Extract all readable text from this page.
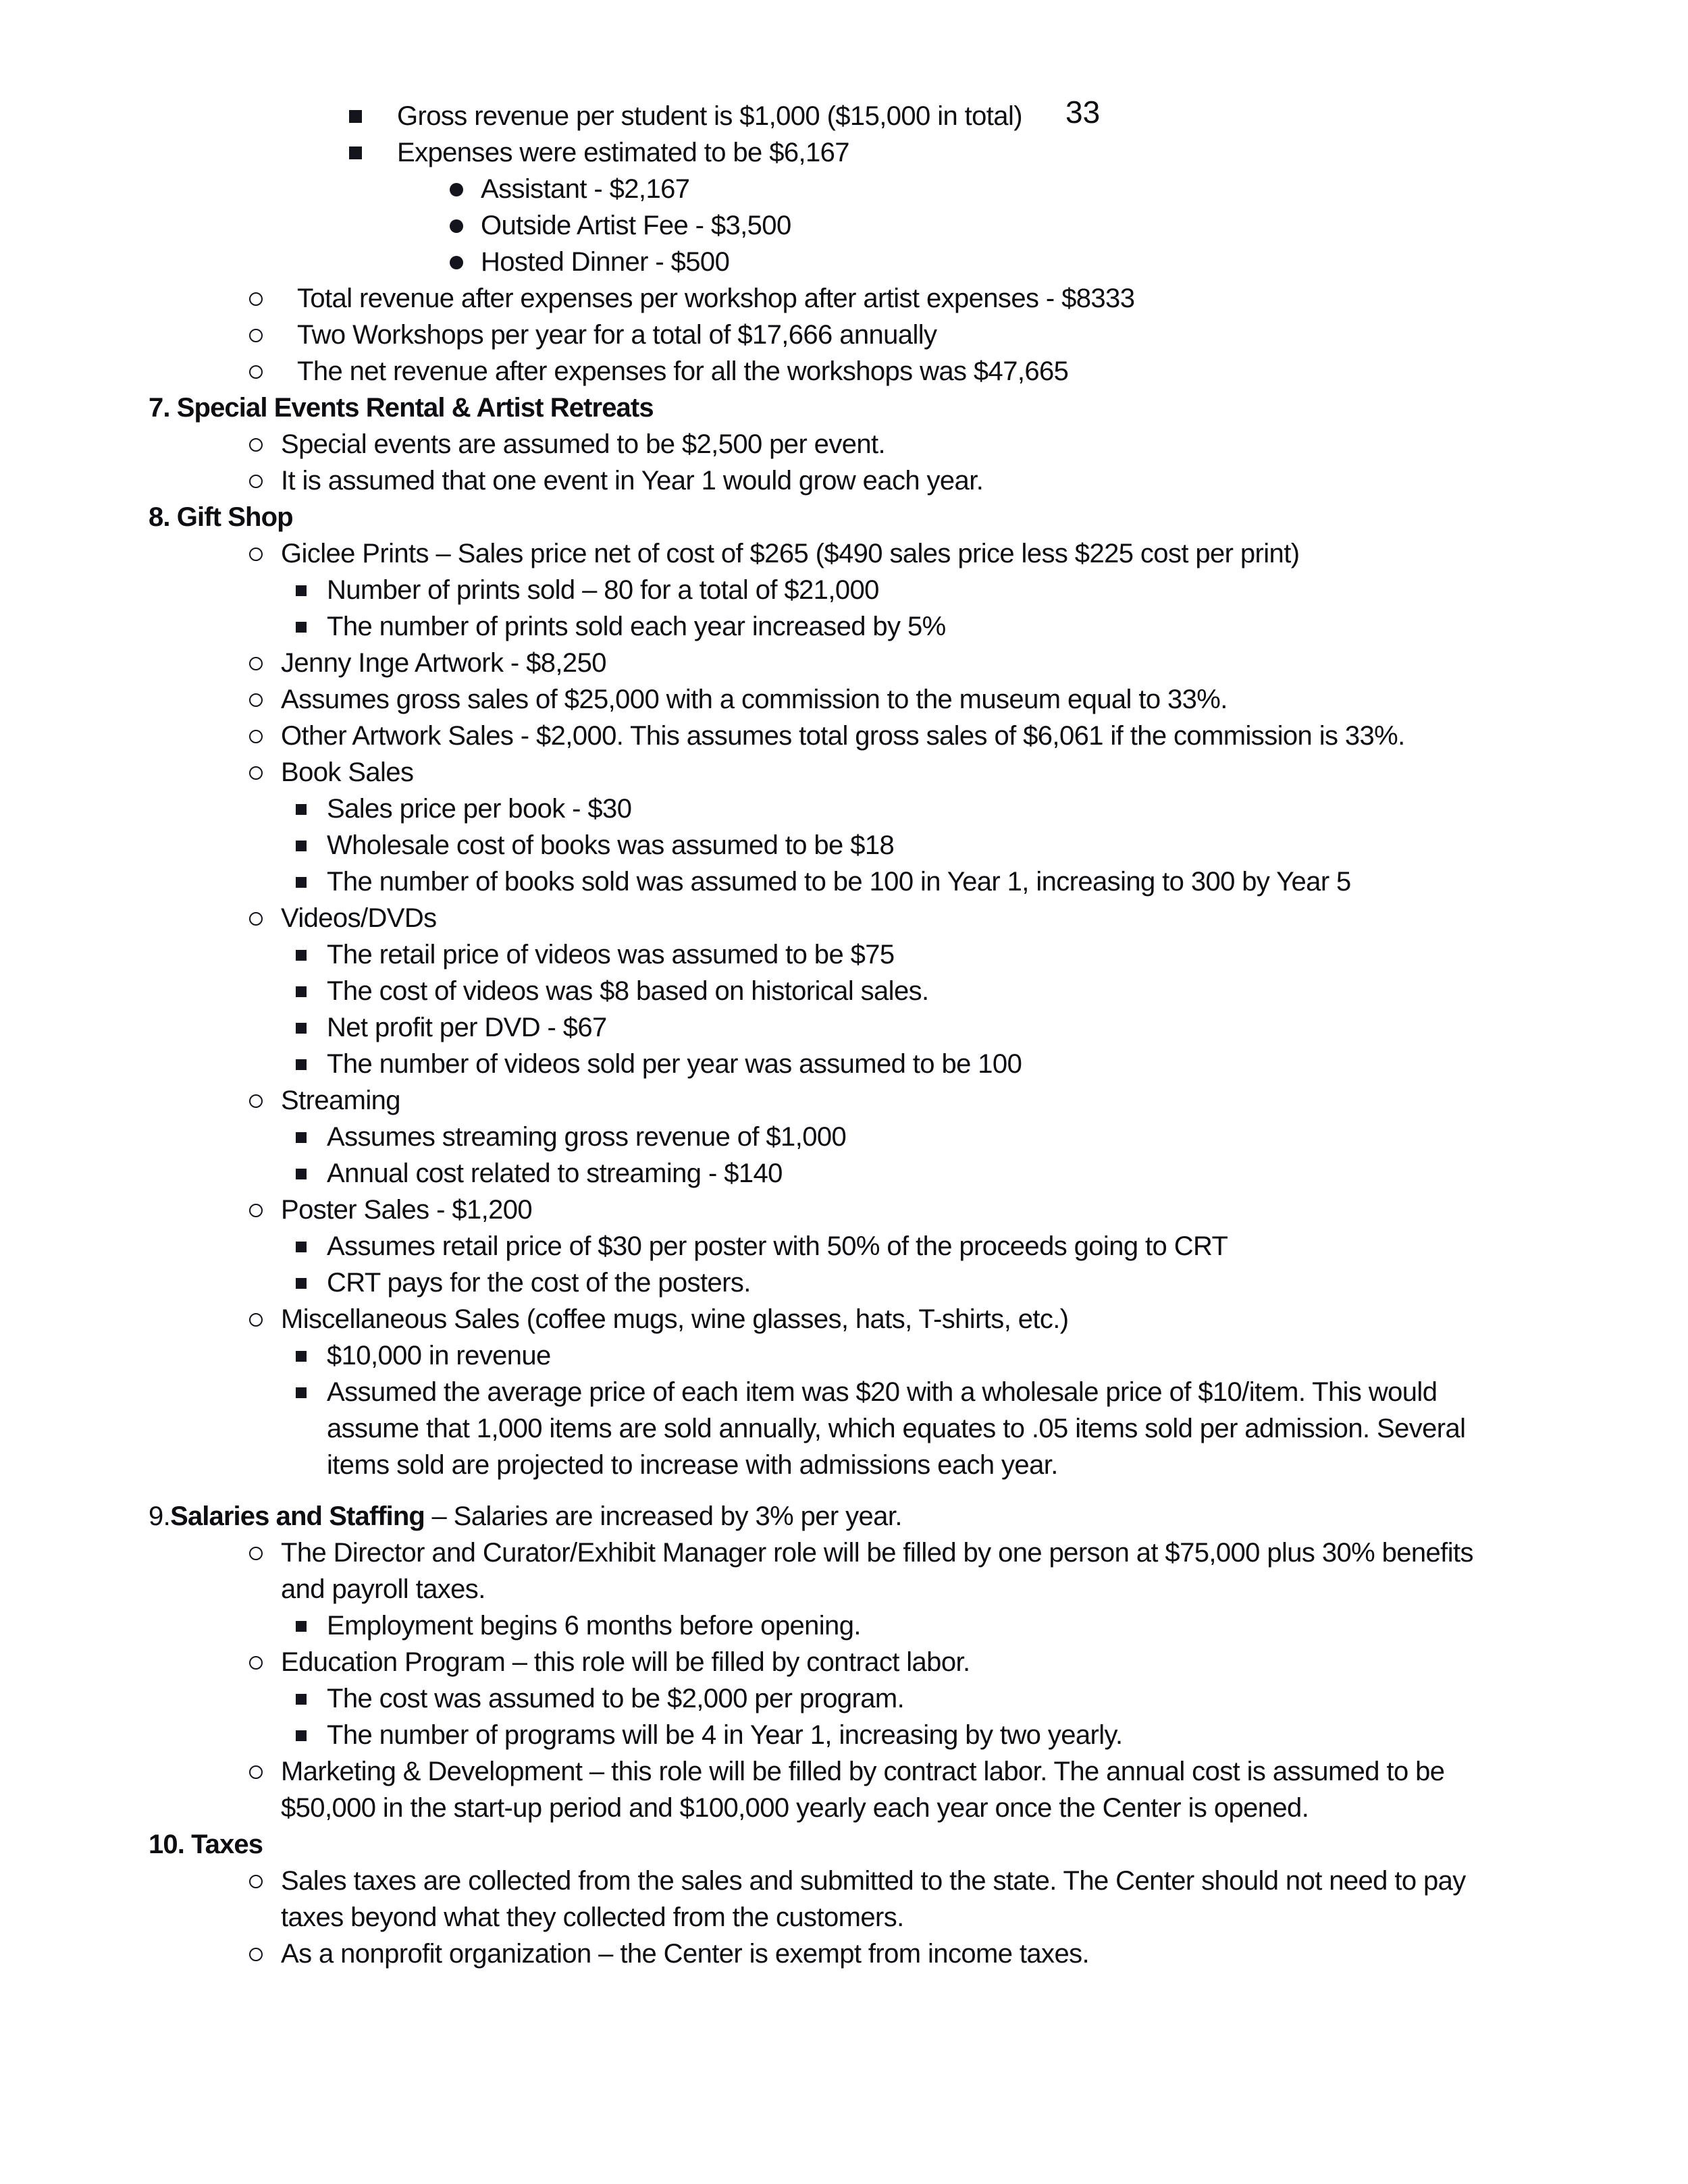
Gross revenue per student is $1,000 ($15,000 in total) 33
Expenses were estimated to be $6,167
Assistant - $2,167
Outside Artist Fee - $3,500
Hosted Dinner - $500
Total revenue after expenses per workshop after artist expenses - $8333
Two Workshops per year for a total of $17,666 annually
The net revenue after expenses for all the workshops was $47,665
7. Special Events Rental & Artist Retreats
Special events are assumed to be $2,500 per event.
It is assumed that one event in Year 1 would grow each year.
8. Gift Shop
Giclee Prints – Sales price net of cost of $265 ($490 sales price less $225 cost per print)
Number of prints sold – 80 for a total of $21,000
The number of prints sold each year increased by 5%
Jenny Inge Artwork - $8,250
Assumes gross sales of $25,000 with a commission to the museum equal to 33%.
Other Artwork Sales - $2,000. This assumes total gross sales of $6,061 if the commission is 33%.
Book Sales
Sales price per book - $30
Wholesale cost of books was assumed to be $18
The number of books sold was assumed to be 100 in Year 1, increasing to 300 by Year 5
Videos/DVDs
The retail price of videos was assumed to be $75
The cost of videos was $8 based on historical sales.
Net profit per DVD - $67
The number of videos sold per year was assumed to be 100
Streaming
Assumes streaming gross revenue of $1,000
Annual cost related to streaming - $140
Poster Sales - $1,200
Assumes retail price of $30 per poster with 50% of the proceeds going to CRT
CRT pays for the cost of the posters.
Miscellaneous Sales (coffee mugs, wine glasses, hats, T-shirts, etc.)
$10,000 in revenue
Assumed the average price of each item was $20 with a wholesale price of $10/item. This would
assume that 1,000 items are sold annually, which equates to .05 items sold per admission. Several
items sold are projected to increase with admissions each year.
9.Salaries and Staffing – Salaries are increased by 3% per year.
The Director and Curator/Exhibit Manager role will be filled by one person at $75,000 plus 30% benefits
and payroll taxes.
Employment begins 6 months before opening.
Education Program – this role will be filled by contract labor.
The cost was assumed to be $2,000 per program.
The number of programs will be 4 in Year 1, increasing by two yearly.
Marketing & Development – this role will be filled by contract labor. The annual cost is assumed to be
$50,000 in the start-up period and $100,000 yearly each year once the Center is opened.
10. Taxes
Sales taxes are collected from the sales and submitted to the state. The Center should not need to pay
taxes beyond what they collected from the customers.
As a nonprofit organization – the Center is exempt from income taxes.
